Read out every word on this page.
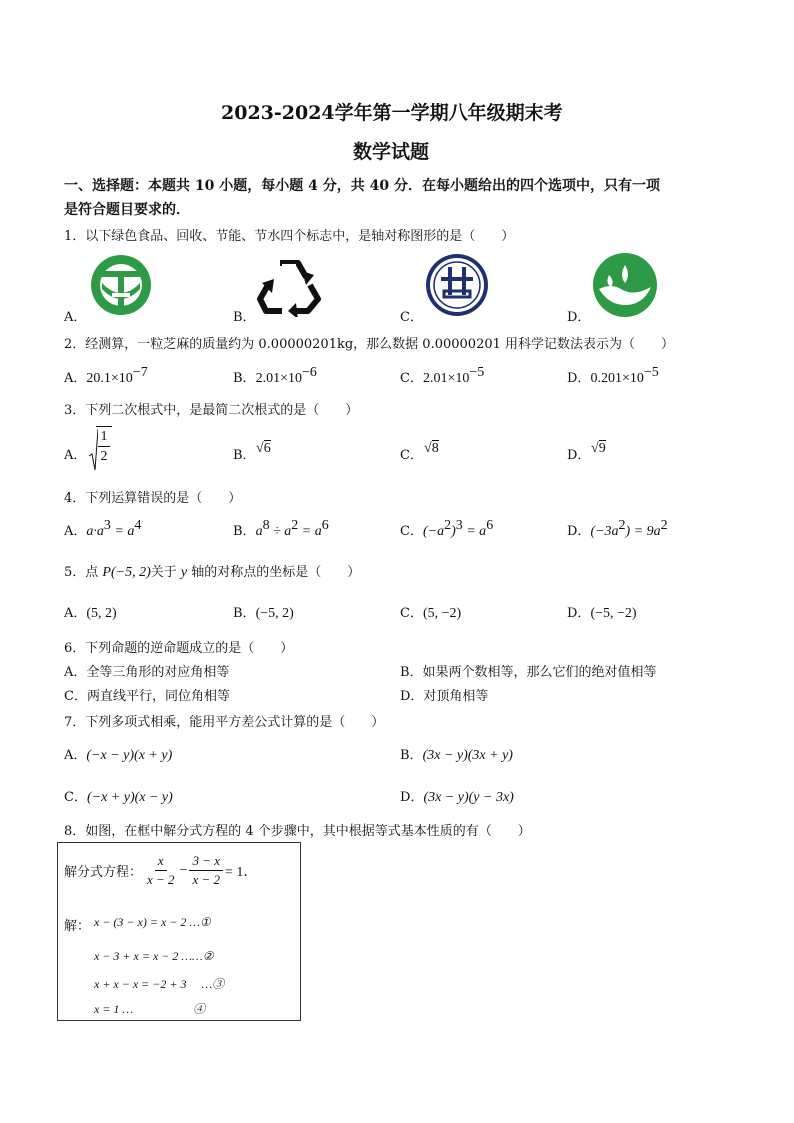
2023-2024学年第一学期八年级期末考
数学试题
一、选择题：本题共 10 小题，每小题 4 分，共 40 分．在每小题给出的四个选项中，只有一项
是符合题目要求的．
1．以下绿色食品、回收、节能、节水四个标志中，是轴对称图形的是（　　）
A．	B．	C．	D．
2．经测算，一粒芝麻的质量约为 0.00000201kg，那么数据 0.00000201 用科学记数法表示为（　　）
A．$20.1\times 10^{-7}$	B．$2.01\times 10^{-6}$	C．$2.01\times 10^{-5}$	D．$0.201\times 10^{-5}$
3．下列二次根式中，是最简二次根式的是（　　）
A．
1
2	B． √6	C． √8	D． √9
4．下列运算错误的是（　　）
A．$a\cdot a^3 = a^4$	B．$a^8 \div a^2 = a^6$	C．$(-a^2)^3 = a^6$	D．$(-3a^2) = 9a^2$
5．点 P(−5, 2)关于 y 轴的对称点的坐标是（　　）
A．(5, 2)	B．(−5, 2)	C．(5, −2)	D．(−5, −2)
6．下列命题的逆命题成立的是（　　）
A．全等三角形的对应角相等	B．如果两个数相等，那么它们的绝对值相等
C．两直线平行，同位角相等	D．对顶角相等
7．下列多项式相乘，能用平方差公式计算的是（　　）
A．(−x − y)(x + y)	B．(3x − y)(3x + y)
C．(−x + y)(x − y)	D．(3x − y)(y − 3x)
8．如图，在框中解分式方程的 4 个步骤中，其中根据等式基本性质的有（　　）
解分式方程： $\frac{x}{x - 2} - \frac{3 - x}{x - 2} = 1$．
解： x − (3 − x) = x − 2 …①
x − 3 + x = x − 2 ……②
x + x − x = −2 + 3 　…③
x = 1 …　　　　　④
